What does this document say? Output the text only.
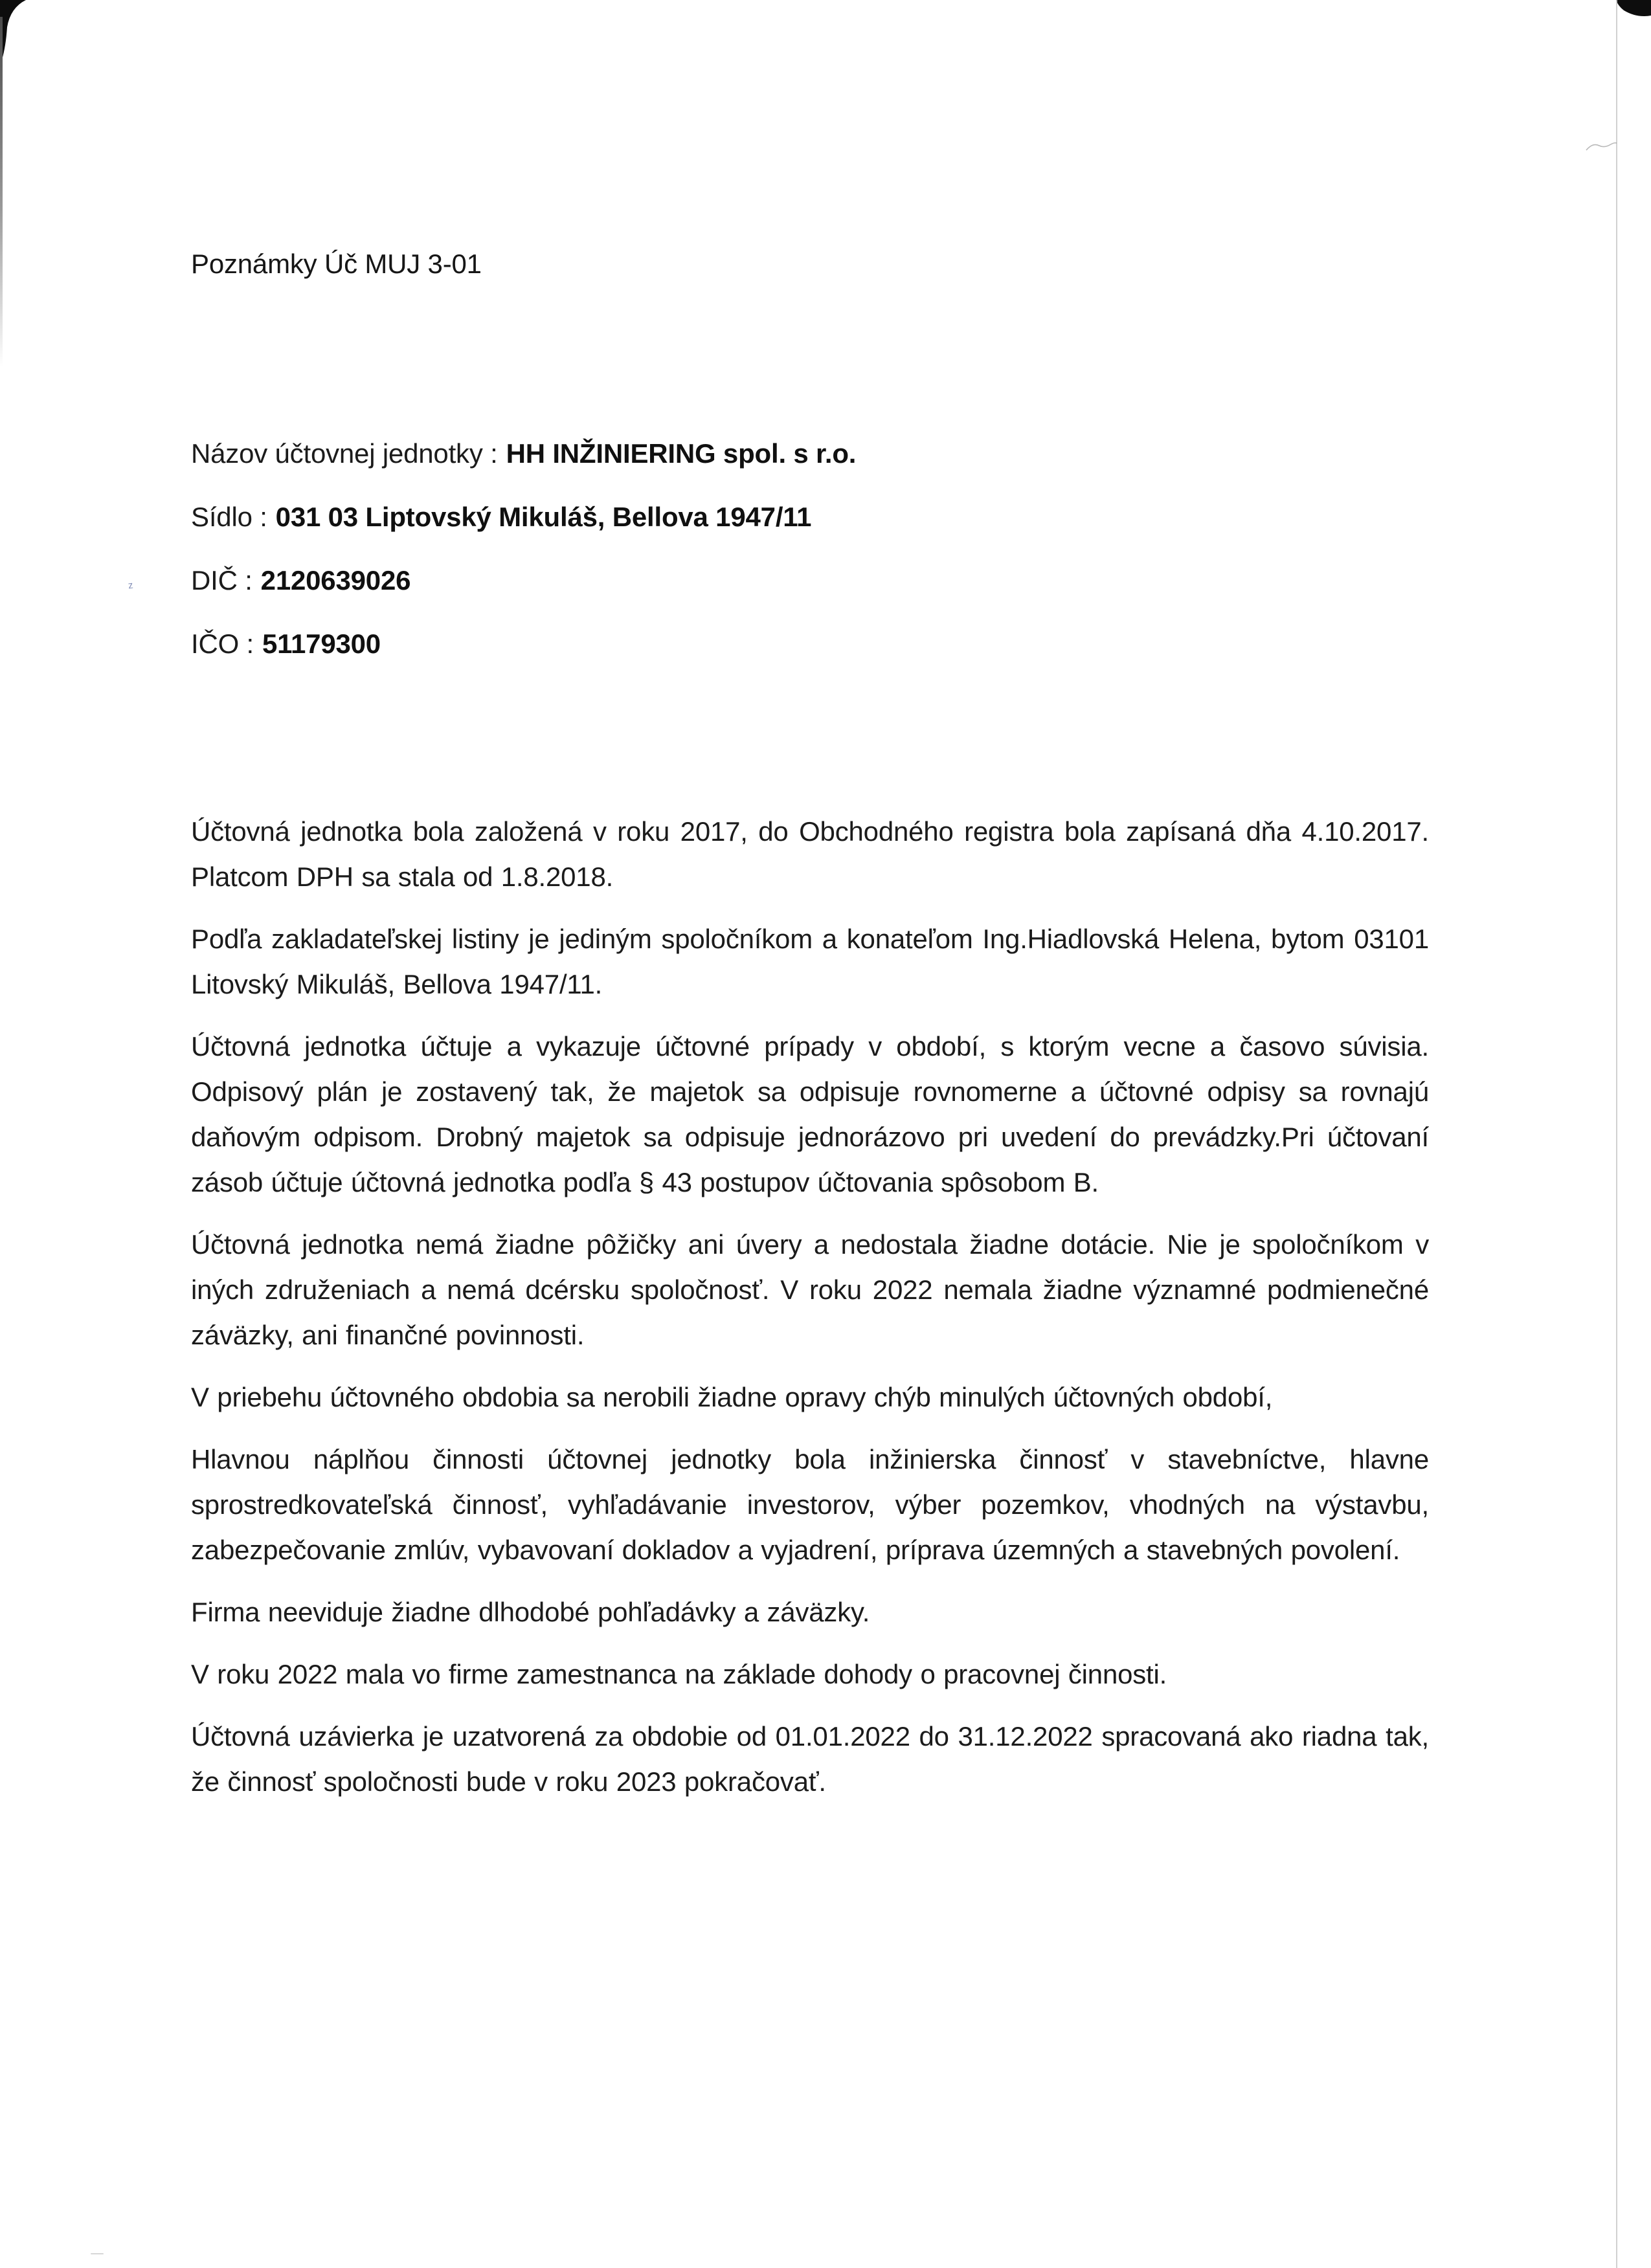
z
Poznámky Úč MUJ 3-01
Názov účtovnej jednotky : HH INŽINIERING spol. s r.o.
Sídlo : 031 03 Liptovský Mikuláš, Bellova 1947/11
DIČ : 2120639026
IČO : 51179300

Účtovná jednotka bola založená v roku 2017, do Obchodného registra bola zapísaná dňa 4.10.2017. Platcom DPH sa stala od 1.8.2018.

Podľa zakladateľskej listiny je jediným spoločníkom a konateľom Ing.Hiadlovská Helena, bytom 03101 Litovský Mikuláš, Bellova 1947/11.

Účtovná jednotka účtuje a vykazuje účtovné prípady v období, s ktorým vecne a časovo súvisia. Odpisový plán je zostavený tak, že majetok sa odpisuje rovnomerne a účtovné odpisy sa rovnajú daňovým odpisom. Drobný majetok sa odpisuje jednorázovo pri uvedení do prevádzky.Pri účtovaní zásob účtuje účtovná jednotka podľa § 43 postupov účtovania spôsobom B.

Účtovná jednotka nemá žiadne pôžičky ani úvery a nedostala žiadne dotácie. Nie je spoločníkom v iných združeniach a nemá dcérsku spoločnosť. V roku 2022 nemala žiadne významné podmienečné záväzky, ani finančné povinnosti.

V priebehu účtovného obdobia sa nerobili žiadne opravy chýb minulých účtovných období,

Hlavnou náplňou činnosti účtovnej jednotky bola inžinierska činnosť v stavebníctve, hlavne sprostredkovateľská činnosť, vyhľadávanie investorov, výber pozemkov, vhodných na výstavbu, zabezpečovanie zmlúv, vybavovaní dokladov a vyjadrení, príprava územných a stavebných povolení.

Firma neeviduje žiadne dlhodobé pohľadávky a záväzky.

V roku 2022 mala vo firme zamestnanca na základe dohody o pracovnej činnosti.

Účtovná uzávierka je uzatvorená za obdobie od 01.01.2022 do 31.12.2022 spracovaná ako riadna tak, že činnosť spoločnosti bude v roku 2023 pokračovať.
